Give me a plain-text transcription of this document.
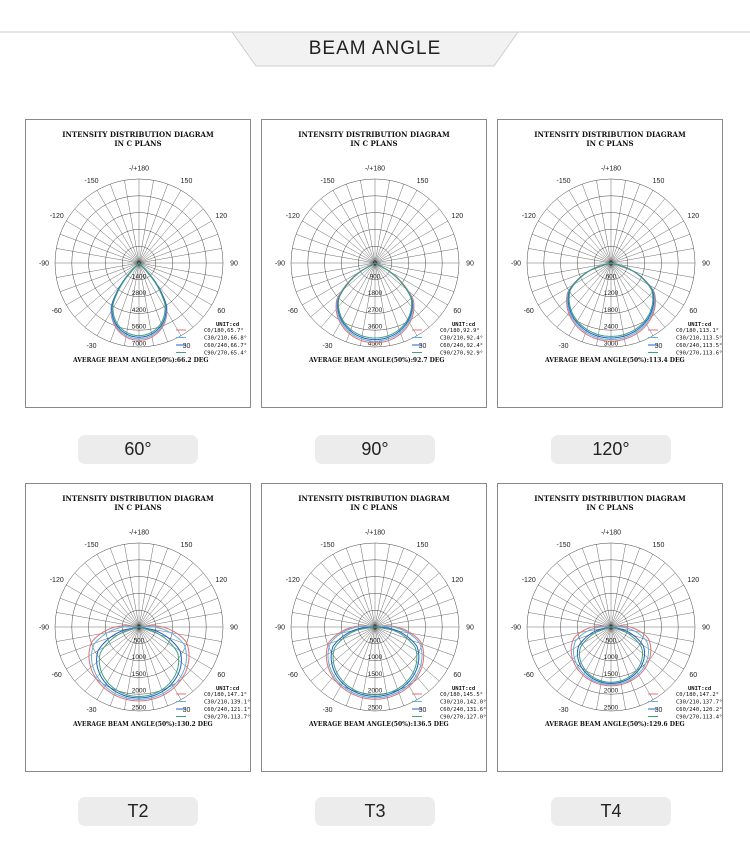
BEAM ANGLE
INTENSITY DISTRIBUTION DIAGRAM
IN C PLANS
-/+180
-150	150
-120	120
-90	90
-60	60
-30	30
0
1400
2800
4200
5600
7000
UNIT:cd
C0/180,65.7°
C30/210,66.8°
C60/240,66.7°
C90/270,65.4°
AVERAGE BEAM ANGLE(50%):66.2 DEG
60°
INTENSITY DISTRIBUTION DIAGRAM
IN C PLANS
-/+180
-150	150
-120	120
-90	90
-60	60
-30	30
0
900
1800
2700
3600
4500
UNIT:cd
C0/180,92.9°
C30/210,92.4°
C60/240,92.4°
C90/270,92.9°
AVERAGE BEAM ANGLE(50%):92.7 DEG
90°
INTENSITY DISTRIBUTION DIAGRAM
IN C PLANS
-/+180
-150	150
-120	120
-90	90
-60	60
-30	30
0
600
1200
1800
2400
3000
UNIT:cd
C0/180,113.1°
C30/210,113.5°
C60/240,113.5°
C90/270,113.6°
AVERAGE BEAM ANGLE(50%):113.4 DEG
120°
INTENSITY DISTRIBUTION DIAGRAM
IN C PLANS
-/+180
-150	150
-120	120
-90	90
-60	60
-30	30
0
500
1000
1500
2000
2500
UNIT:cd
C0/180,147.1°
C30/210,139.1°
C60/240,121.1°
C90/270,113.7°
AVERAGE BEAM ANGLE(50%):130.2 DEG
T2
INTENSITY DISTRIBUTION DIAGRAM
IN C PLANS
-/+180
-150	150
-120	120
-90	90
-60	60
-30	30
0
500
1000
1500
2000
2500
UNIT:cd
C0/180,145.5°
C30/210,142.0°
C60/240,131.6°
C90/270,127.0°
AVERAGE BEAM ANGLE(50%):136.5 DEG
T3
INTENSITY DISTRIBUTION DIAGRAM
IN C PLANS
-/+180
-150	150
-120	120
-90	90
-60	60
-30	30
0
500
1000
1500
2000
2500
UNIT:cd
C0/180,147.2°
C30/210,137.7°
C60/240,120.2°
C90/270,113.4°
AVERAGE BEAM ANGLE(50%):129.6 DEG
T4
